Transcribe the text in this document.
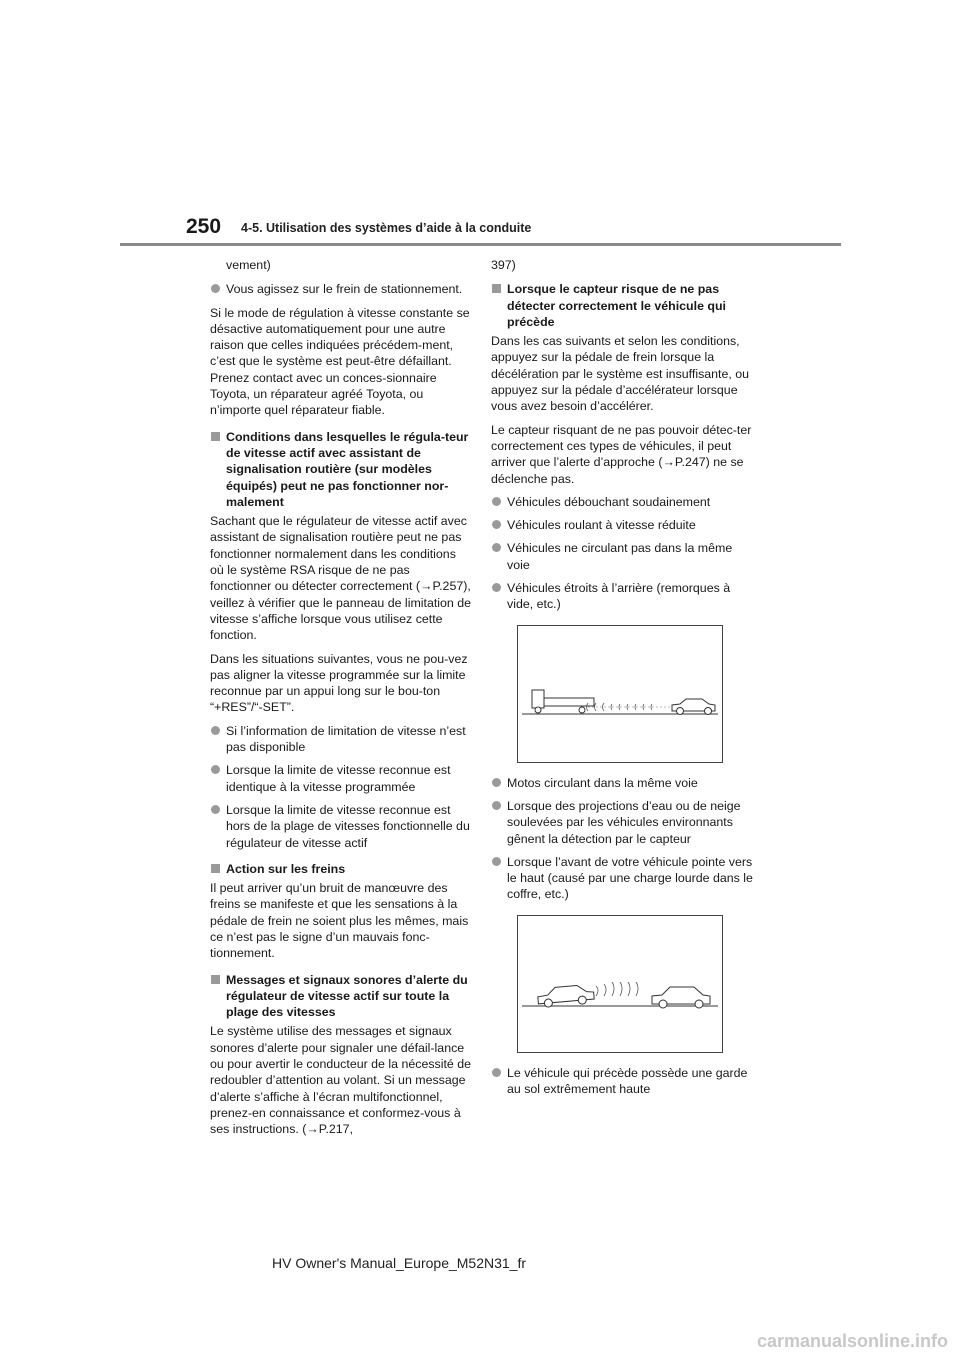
250 4-5. Utilisation des systèmes d’aide à la conduite

vement)

Vous agissez sur le frein de stationnement.

Si le mode de régulation à vitesse constante se désactive automatiquement pour une autre raison que celles indiquées précédem-ment, c’est que le système est peut-être défaillant. Prenez contact avec un conces-sionnaire Toyota, un réparateur agréé Toyota, ou n’importe quel réparateur fiable.

Conditions dans lesquelles le régula-teur de vitesse actif avec assistant de signalisation routière (sur modèles équipés) peut ne pas fonctionner nor-malement

Sachant que le régulateur de vitesse actif avec assistant de signalisation routière peut ne pas fonctionner normalement dans les conditions où le système RSA risque de ne pas fonctionner ou détecter correctement (→P.257), veillez à vérifier que le panneau de limitation de vitesse s’affiche lorsque vous utilisez cette fonction.

Dans les situations suivantes, vous ne pou-vez pas aligner la vitesse programmée sur la limite reconnue par un appui long sur le bou-ton “+RES”/“-SET”.

Si l’information de limitation de vitesse n’est pas disponible
Lorsque la limite de vitesse reconnue est identique à la vitesse programmée
Lorsque la limite de vitesse reconnue est hors de la plage de vitesses fonctionnelle du régulateur de vitesse actif
Action sur les freins

Il peut arriver qu’un bruit de manœuvre des freins se manifeste et que les sensations à la pédale de frein ne soient plus les mêmes, mais ce n’est pas le signe d’un mauvais fonc-tionnement.

Messages et signaux sonores d’alerte du régulateur de vitesse actif sur toute la plage des vitesses

Le système utilise des messages et signaux sonores d’alerte pour signaler une défail-lance ou pour avertir le conducteur de la nécessité de redoubler d’attention au volant. Si un message d’alerte s’affiche à l’écran multifonctionnel, prenez-en connaissance et conformez-vous à ses instructions. (→P.217,

397)

Lorsque le capteur risque de ne pas détecter correctement le véhicule qui précède

Dans les cas suivants et selon les conditions, appuyez sur la pédale de frein lorsque la décélération par le système est insuffisante, ou appuyez sur la pédale d’accélérateur lorsque vous avez besoin d’accélérer.

Le capteur risquant de ne pas pouvoir détec-ter correctement ces types de véhicules, il peut arriver que l’alerte d’approche (→P.247) ne se déclenche pas.

Véhicules débouchant soudainement
Véhicules roulant à vitesse réduite
Véhicules ne circulant pas dans la même voie
Véhicules étroits à l’arrière (remorques à vide, etc.)
Motos circulant dans la même voie
Lorsque des projections d’eau ou de neige soulevées par les véhicules environnants gênent la détection par le capteur
Lorsque l’avant de votre véhicule pointe vers le haut (causé par une charge lourde dans le coffre, etc.)
Le véhicule qui précède possède une garde au sol extrêmement haute
HV Owner's Manual_Europe_M52N31_fr
carmanualsonline.info
